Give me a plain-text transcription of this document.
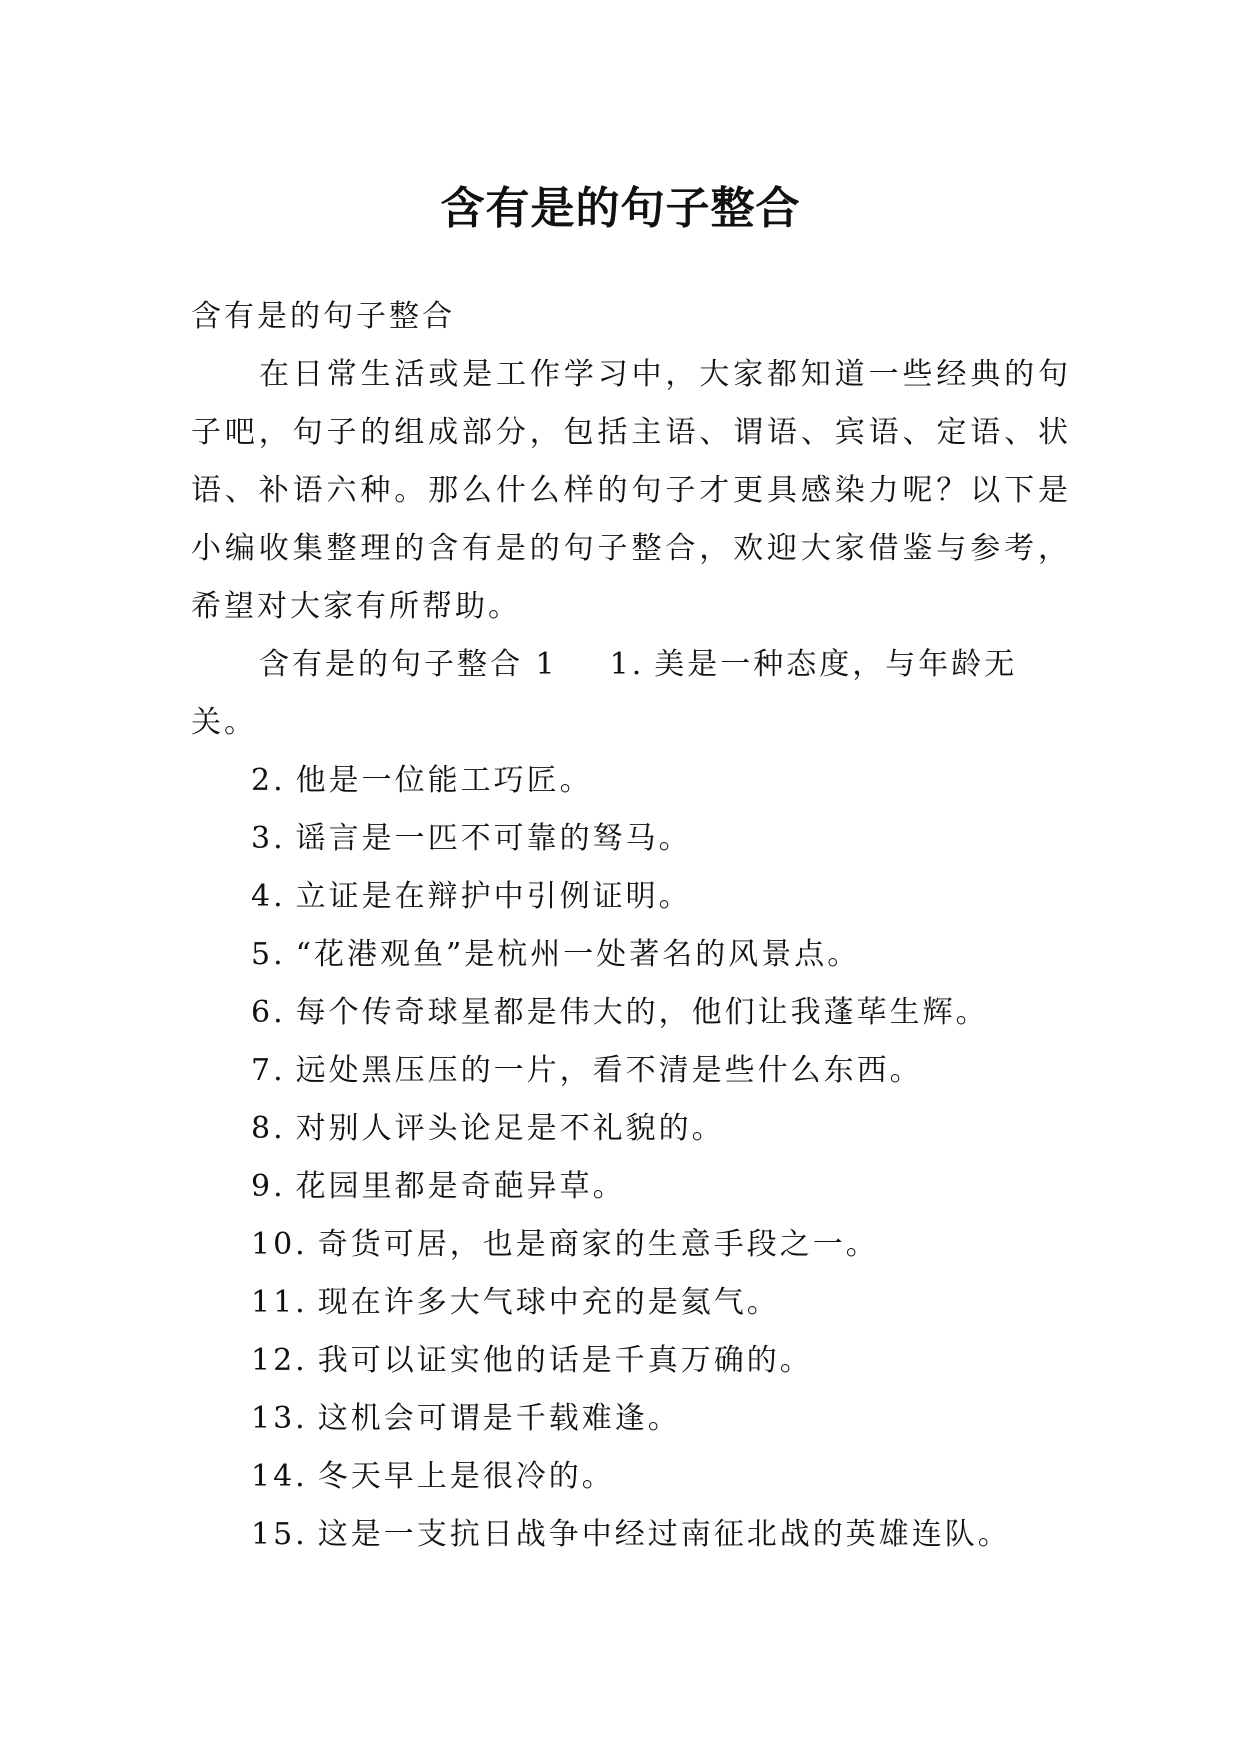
含有是的句子整合

含有是的句子整合

在日常生活或是工作学习中，大家都知道一些经典的句子吧，句子的组成部分，包括主语、谓语、宾语、定语、状语、补语六种。那么什么样的句子才更具感染力呢？以下是小编收集整理的含有是的句子整合，欢迎大家借鉴与参考，希望对大家有所帮助。

含有是的句子整合 1 1. 美是一种态度，与年龄无关。

2. 他是一位能工巧匠。

3. 谣言是一匹不可靠的驽马。

4. 立证是在辩护中引例证明。

5. “花港观鱼”是杭州一处著名的风景点。

6. 每个传奇球星都是伟大的，他们让我蓬荜生辉。

7. 远处黑压压的一片，看不清是些什么东西。

8. 对别人评头论足是不礼貌的。

9. 花园里都是奇葩异草。

10. 奇货可居，也是商家的生意手段之一。

11. 现在许多大气球中充的是氦气。

12. 我可以证实他的话是千真万确的。

13. 这机会可谓是千载难逢。

14. 冬天早上是很冷的。

15. 这是一支抗日战争中经过南征北战的英雄连队。
